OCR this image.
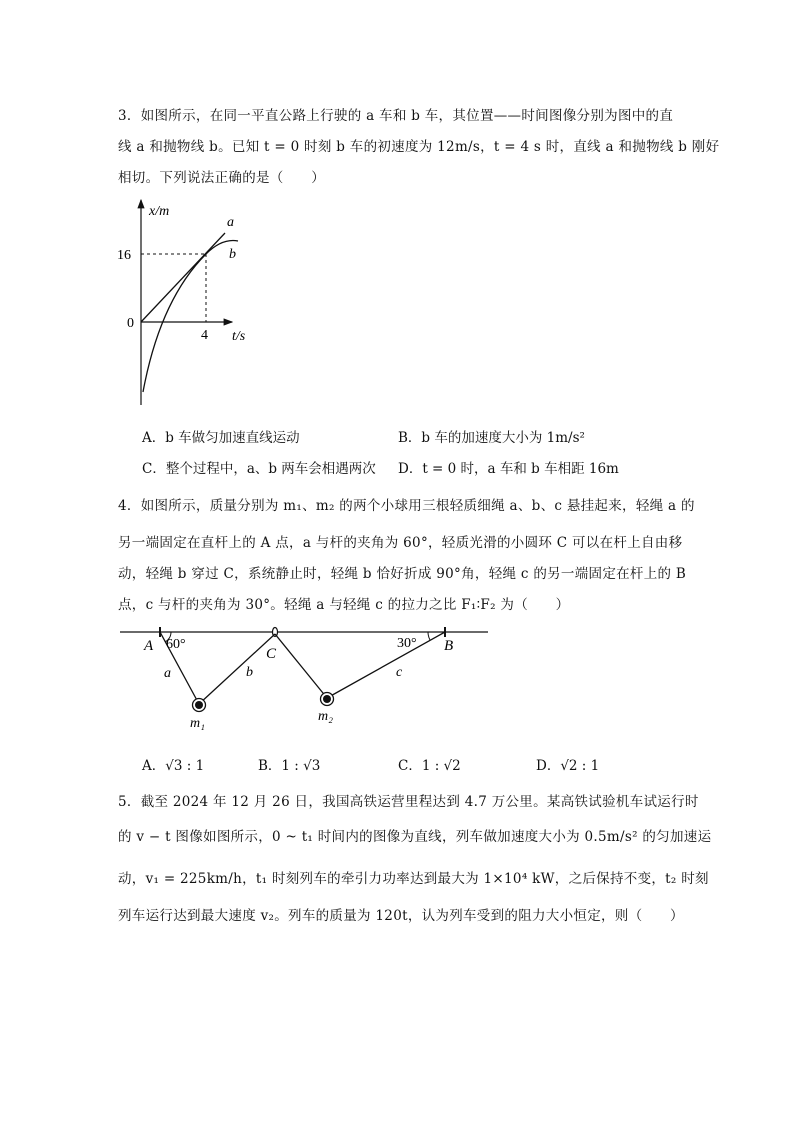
3．如图所示，在同一平直公路上行驶的 a 车和 b 车，其位置——时间图像分别为图中的直
线 a 和抛物线 b。已知 t = 0 时刻 b 车的初速度为 12m/s，t = 4 s 时，直线 a 和抛物线 b 刚好
相切。下列说法正确的是（　　）
x/m
t/s
0
16
4
a
b
A．b 车做匀加速直线运动	B．b 车的加速度大小为 1m/s²
C．整个过程中，a、b 两车会相遇两次 D．t = 0 时，a 车和 b 车相距 16m
4．如图所示，质量分别为 m₁、m₂ 的两个小球用三根轻质细绳 a、b、c 悬挂起来，轻绳 a 的
另一端固定在直杆上的 A 点，a 与杆的夹角为 60°，轻质光滑的小圆环 C 可以在杆上自由移
动，轻绳 b 穿过 C，系统静止时，轻绳 b 恰好折成 90°角，轻绳 c 的另一端固定在杆上的 B
点，c 与杆的夹角为 30°。轻绳 a 与轻绳 c 的拉力之比 F₁∶F₂ 为（　　）
A 60°
C
30° B
a	b	c
m₁	m₂
A．√3 : 1	B．1 : √3	C．1 : √2	D．√2 : 1
5．截至 2024 年 12 月 26 日，我国高铁运营里程达到 4.7 万公里。某高铁试验机车试运行时
的 v − t 图像如图所示，0 ~ t₁ 时间内的图像为直线，列车做加速度大小为 0.5m/s² 的匀加速运
动，v₁ = 225km/h，t₁ 时刻列车的牵引力功率达到最大为 1×10⁴ kW，之后保持不变，t₂ 时刻
列车运行达到最大速度 v₂。列车的质量为 120t，认为列车受到的阻力大小恒定，则（　　）
